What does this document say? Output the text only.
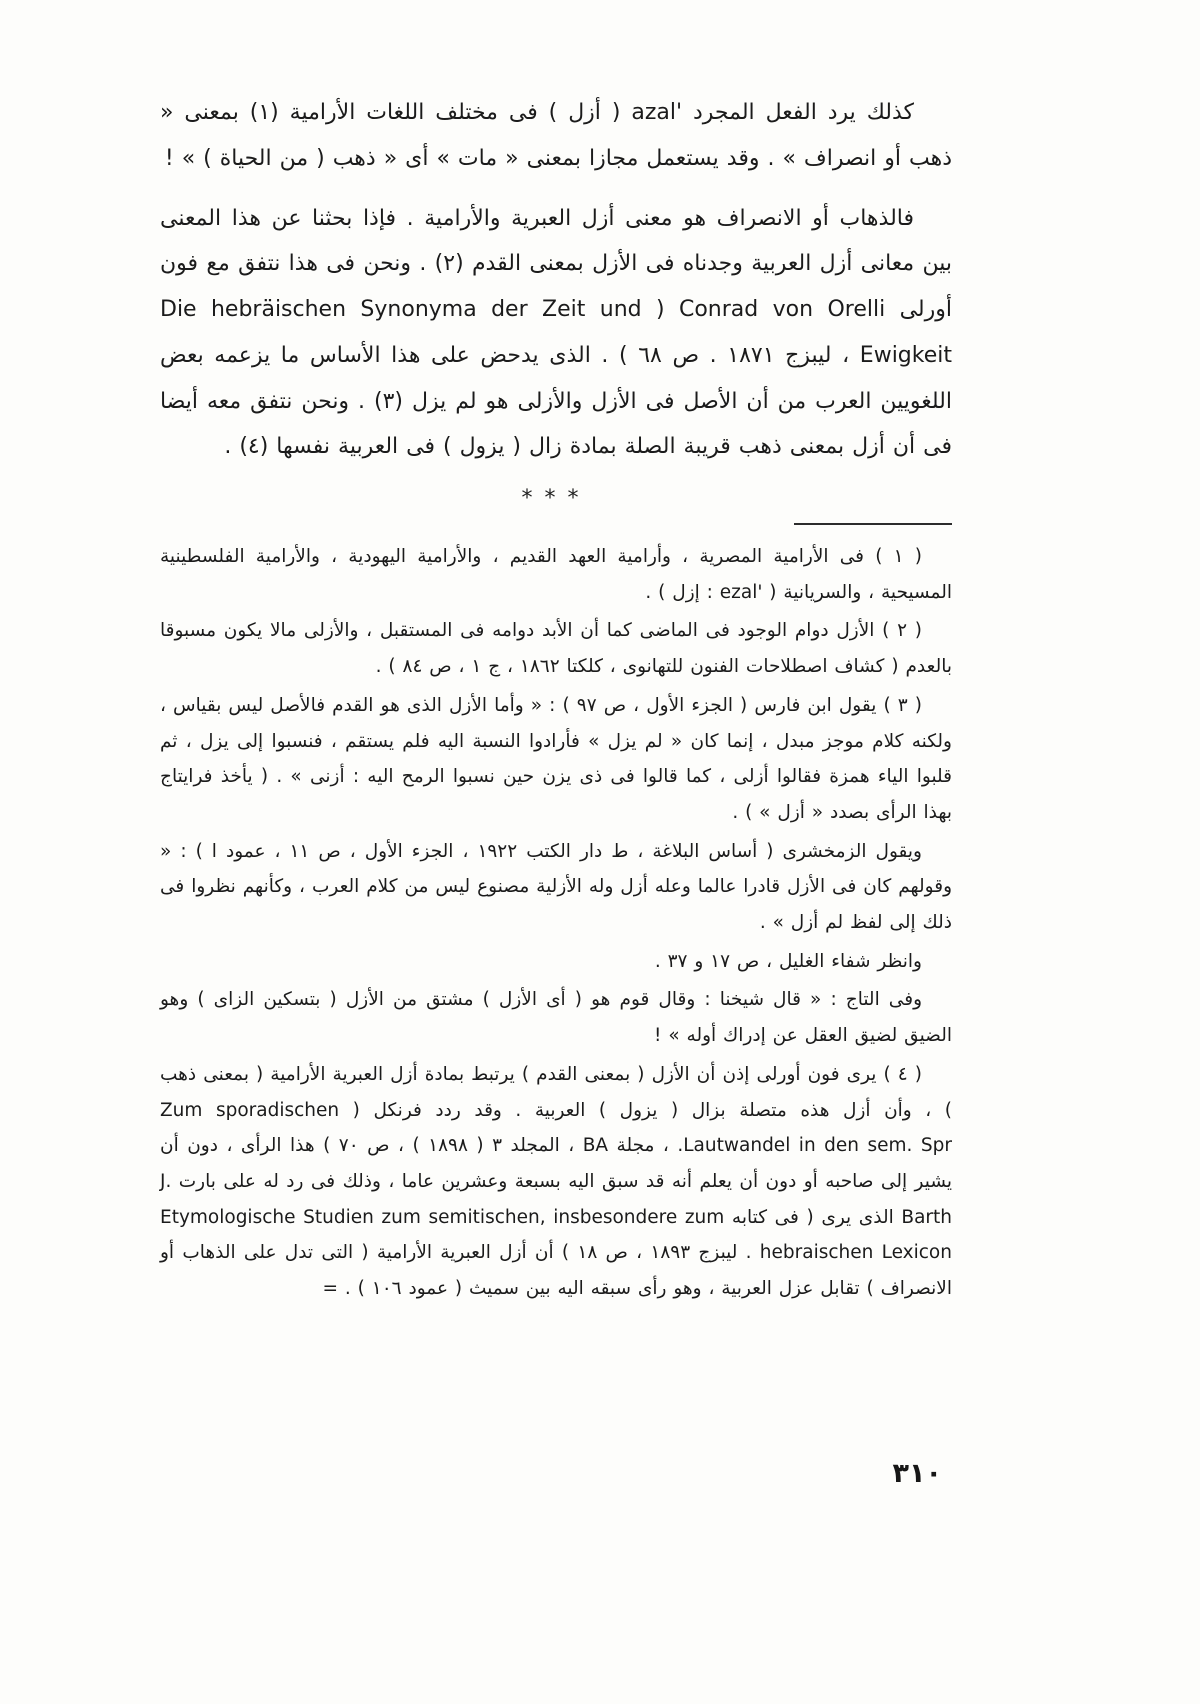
كذلك يرد الفعل المجرد 'azal ( أزل ) فى مختلف اللغات الأرامية (١) بمعنى « ذهب أو انصراف » . وقد يستعمل مجازا بمعنى « مات » أى « ذهب ( من الحياة ) » !

فالذهاب أو الانصراف هو معنى أزل العبرية والأرامية . فإذا بحثنا عن هذا المعنى بين معانى أزل العربية وجدناه فى الأزل بمعنى القدم (٢) . ونحن فى هذا نتفق مع فون أورلى Conrad von Orelli ( Die hebräischen Synonyma der Zeit und Ewigkeit ، ليبزج ١٨٧١ . ص ٦٨ ) . الذى يدحض على هذا الأساس ما يزعمه بعض اللغويين العرب من أن الأصل فى الأزل والأزلى هو لم يزل (٣) . ونحن نتفق معه أيضا فى أن أزل بمعنى ذهب قريبة الصلة بمادة زال ( يزول ) فى العربية نفسها (٤) .

***

( ١ ) فى الأرامية المصرية ، وأرامية العهد القديم ، والأرامية اليهودية ، والأرامية الفلسطينية المسيحية ، والسريانية ( 'ezal : إزل ) .

( ٢ ) الأزل دوام الوجود فى الماضى كما أن الأبد دوامه فى المستقبل ، والأزلى مالا يكون مسبوقا بالعدم ( كشاف اصطلاحات الفنون للتهانوى ، كلكتا ١٨٦٢ ، ج ١ ، ص ٨٤ ) .

( ٣ ) يقول ابن فارس ( الجزء الأول ، ص ٩٧ ) : « وأما الأزل الذى هو القدم فالأصل ليس بقياس ، ولكنه كلام موجز مبدل ، إنما كان « لم يزل » فأرادوا النسبة اليه فلم يستقم ، فنسبوا إلى يزل ، ثم قلبوا الياء همزة فقالوا أزلى ، كما قالوا فى ذى يزن حين نسبوا الرمح اليه : أزنى » . ( يأخذ فرايتاج بهذا الرأى بصدد « أزل » ) .

ويقول الزمخشرى ( أساس البلاغة ، ط دار الكتب ١٩٢٢ ، الجزء الأول ، ص ١١ ، عمود ا ) : « وقولهم كان فى الأزل قادرا عالما وعله أزل وله الأزلية مصنوع ليس من كلام العرب ، وكأنهم نظروا فى ذلك إلى لفظ لم أزل » .

وانظر شفاء الغليل ، ص ١٧ و ٣٧ .

وفى التاج : « قال شيخنا : وقال قوم هو ( أى الأزل ) مشتق من الأزل ( بتسكين الزاى ) وهو الضيق لضيق العقل عن إدراك أوله » !

( ٤ ) يرى فون أورلى إذن أن الأزل ( بمعنى القدم ) يرتبط بمادة أزل العبرية الأرامية ( بمعنى ذهب ) ، وأن أزل هذه متصلة بزال ( يزول ) العربية . وقد ردد فرنكل ( Zum sporadischen Lautwandel in den sem. Spr. ، مجلة BA ، المجلد ٣ ( ١٨٩٨ ) ، ص ٧٠ ) هذا الرأى ، دون أن يشير إلى صاحبه أو دون أن يعلم أنه قد سبق اليه بسبعة وعشرين عاما ، وذلك فى رد له على بارت J. Barth الذى يرى ( فى كتابه Etymologische Studien zum semitischen, insbesondere zum hebraischen Lexicon . ليبزج ١٨٩٣ ، ص ١٨ ) أن أزل العبرية الأرامية ( التى تدل على الذهاب أو الانصراف ) تقابل عزل العربية ، وهو رأى سبقه اليه بين سميث ( عمود ١٠٦ ) . =

٣١٠
